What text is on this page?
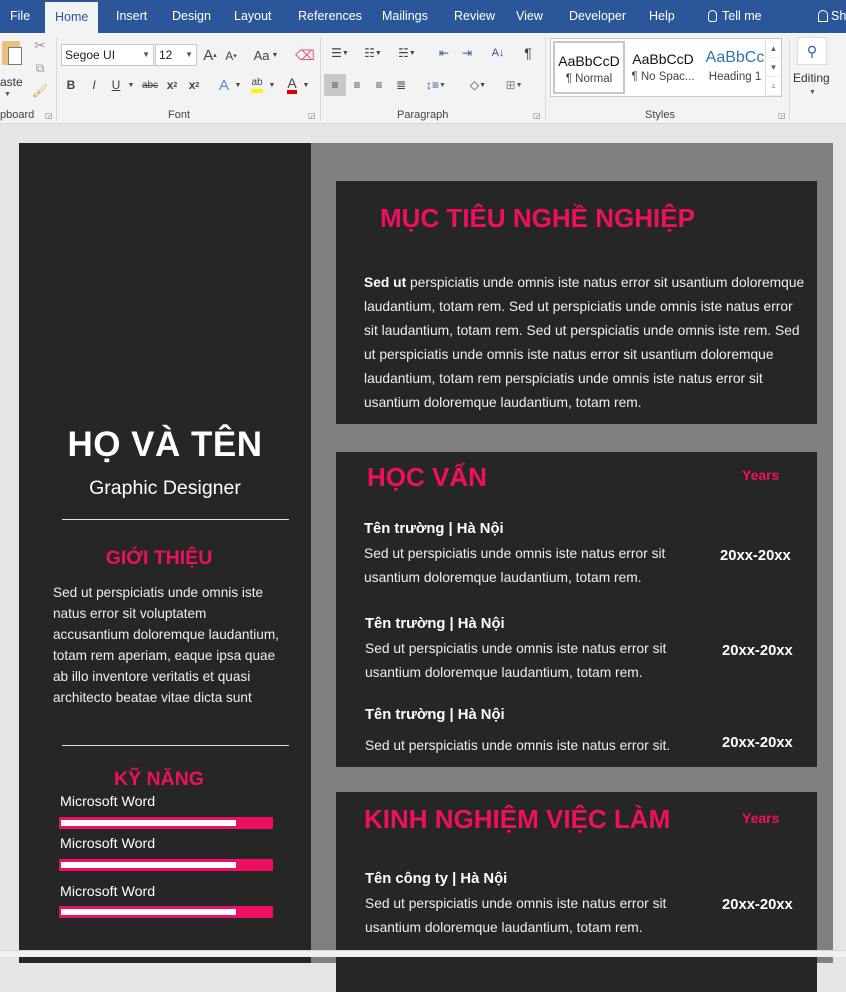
File	Home	Insert	Design	Layout	References	Mailings	Review	View	Developer	Help	Tell me	Sh
aste
▼
✂
⧉
🖌
pboard ◲
Segoe UI	▼ 12 ▼ A ▴ A ▾ Aa ▼ ⌫
B	I	U	▼ abc x 2 x 2 A ▼ ab ▼ A ▼
Font	◲
☰ ▼	☷ ▼	☵ ▼	⇤	⇥	A↓	¶
≡	≡	≡	≣	↕≡ ▼	◇ ▼	⊞ ▼
Paragraph	◲
AaBbCcD
¶ Normal
AaBbCcD
¶ No Spac...
AaBbCc
Heading 1
▲
▼
⩡
Styles	◲
⚲
Editing
▼
HỌ VÀ TÊN
Graphic Designer
GIỚI THIỆU
Sed ut perspiciatis unde omnis iste
natus error sit voluptatem
accusantium doloremque laudantium,
totam rem aperiam, eaque ipsa quae
ab illo inventore veritatis et quasi
architecto beatae vitae dicta sunt
KỸ NĂNG
Microsoft Word
Microsoft Word
Microsoft Word
MỤC TIÊU NGHỀ NGHIỆP
Sed ut perspiciatis unde omnis iste natus error sit usantium doloremque
laudantium, totam rem. Sed ut perspiciatis unde omnis iste natus error
sit laudantium, totam rem. Sed ut perspiciatis unde omnis iste rem. Sed
ut perspiciatis unde omnis iste natus error sit usantium doloremque
laudantium, totam rem perspiciatis unde omnis iste natus error sit
usantium doloremque laudantium, totam rem.
HỌC VẤN	Years
Tên trường | Hà Nội
Sed ut perspiciatis unde omnis iste natus error sit
usantium doloremque laudantium, totam rem.
20xx-20xx
Tên trường | Hà Nội
Sed ut perspiciatis unde omnis iste natus error sit
usantium doloremque laudantium, totam rem.
20xx-20xx
Tên trường | Hà Nội
Sed ut perspiciatis unde omnis iste natus error sit.	20xx-20xx
KINH NGHIỆM VIỆC LÀM	Years
Tên công ty | Hà Nội
Sed ut perspiciatis unde omnis iste natus error sit
usantium doloremque laudantium, totam rem.
20xx-20xx
